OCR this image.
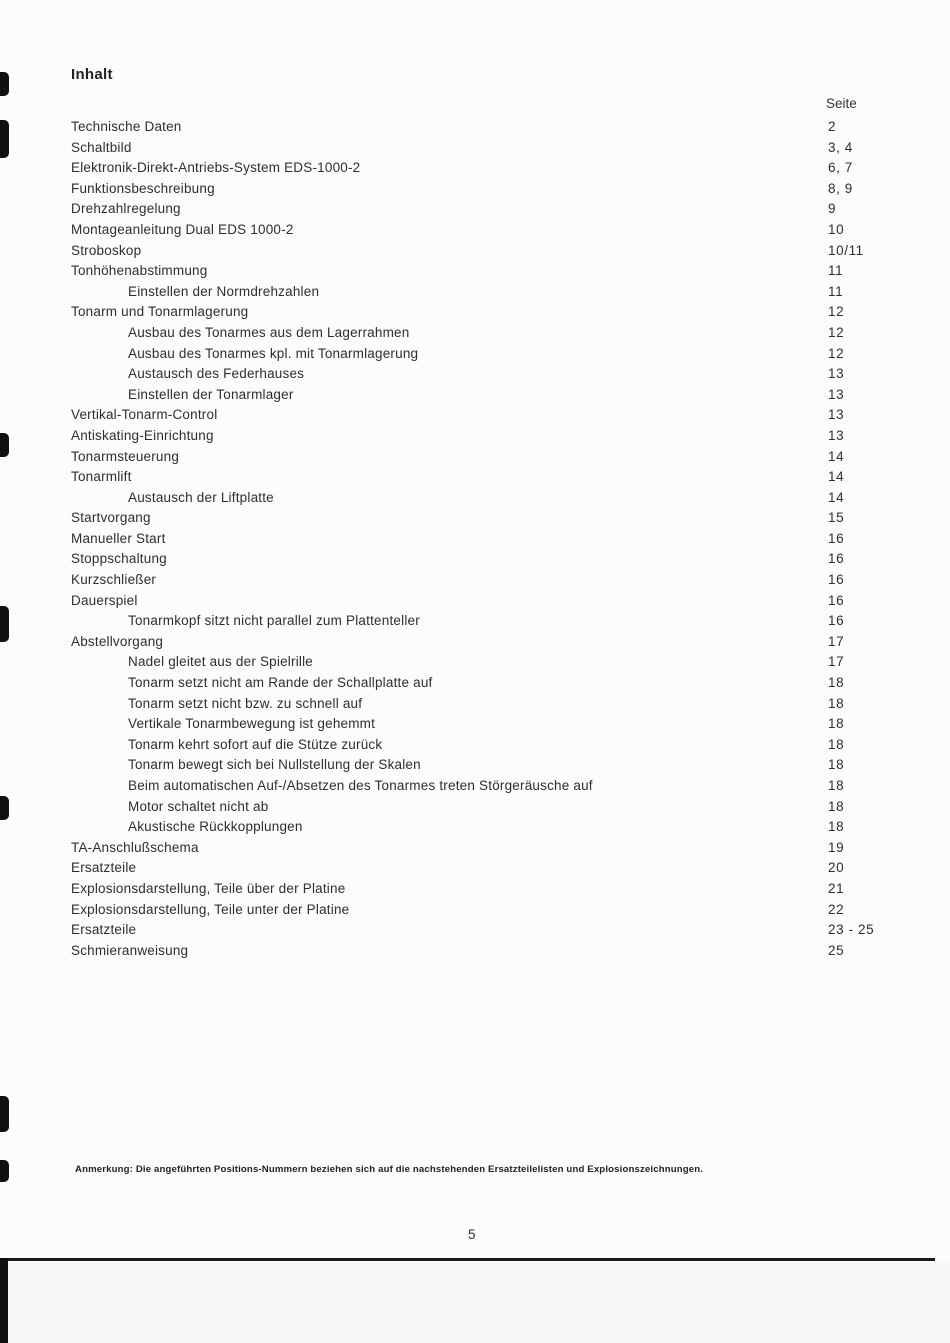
Inhalt
Seite
Technische Daten	2
Schaltbild	3, 4
Elektronik-Direkt-Antriebs-System EDS-1000-2	6, 7
Funktionsbeschreibung	8, 9
Drehzahlregelung	9
Montageanleitung Dual EDS 1000-2	10
Stroboskop	10/11
Tonhöhenabstimmung	11
Einstellen der Normdrehzahlen	11
Tonarm und Tonarmlagerung	12
Ausbau des Tonarmes aus dem Lagerrahmen	12
Ausbau des Tonarmes kpl. mit Tonarmlagerung	12
Austausch des Federhauses	13
Einstellen der Tonarmlager	13
Vertikal-Tonarm-Control	13
Antiskating-Einrichtung	13
Tonarmsteuerung	14
Tonarmlift	14
Austausch der Liftplatte	14
Startvorgang	15
Manueller Start	16
Stoppschaltung	16
Kurzschließer	16
Dauerspiel	16
Tonarmkopf sitzt nicht parallel zum Plattenteller	16
Abstellvorgang	17
Nadel gleitet aus der Spielrille	17
Tonarm setzt nicht am Rande der Schallplatte auf	18
Tonarm setzt nicht bzw. zu schnell auf	18
Vertikale Tonarmbewegung ist gehemmt	18
Tonarm kehrt sofort auf die Stütze zurück	18
Tonarm bewegt sich bei Nullstellung der Skalen	18
Beim automatischen Auf-/Absetzen des Tonarmes treten Störgeräusche auf	18
Motor schaltet nicht ab	18
Akustische Rückkopplungen	18
TA-Anschlußschema	19
Ersatzteile	20
Explosionsdarstellung, Teile über der Platine	21
Explosionsdarstellung, Teile unter der Platine	22
Ersatzteile	23 - 25
Schmieranweisung	25
Anmerkung: Die angeführten Positions-Nummern beziehen sich auf die nachstehenden Ersatzteilelisten und Explosionszeichnungen.
5
